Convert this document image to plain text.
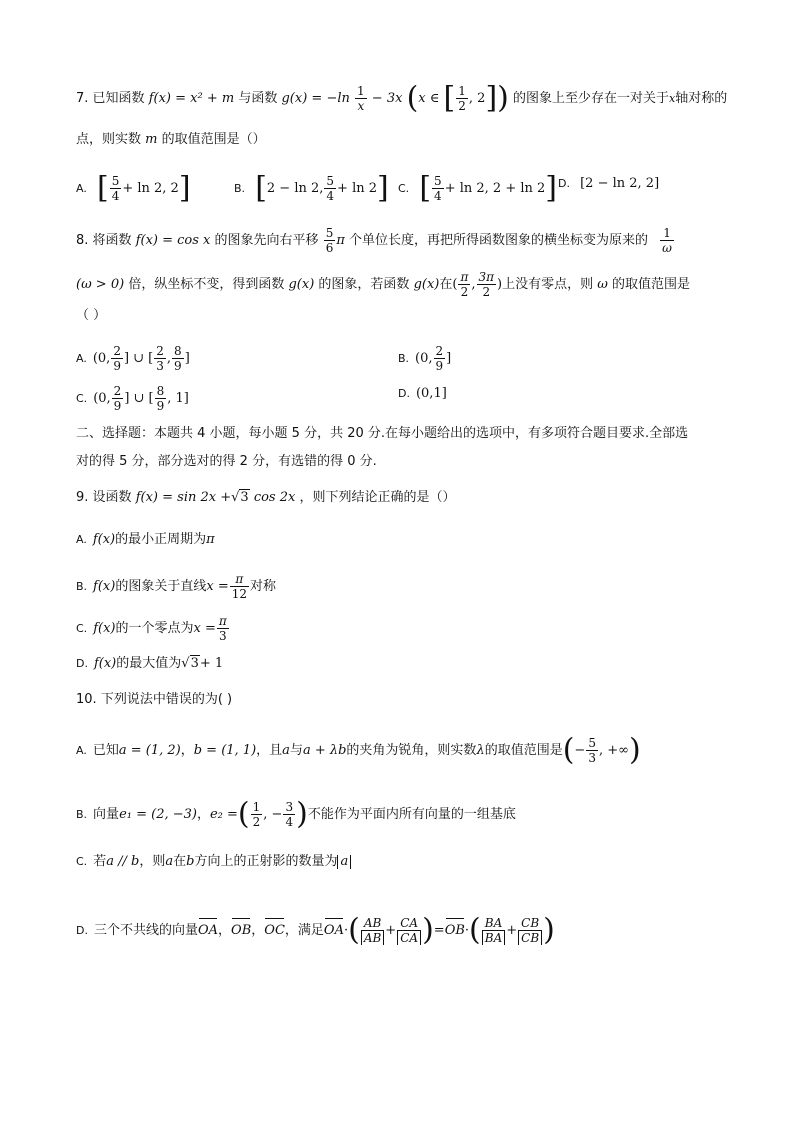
7. 已知函数 f(x) = x² + m 与函数 $g(x) = -\ln \frac{1}{x} - 3x$ (x ∈ [ $\frac{1}{2}$ , 2]) 的图象上至少存在一对关于x轴对称的
点，则实数 m 的取值范围是（）
A. [ $\frac{5}{4} + \ln 2$, 2]	B. [2 − ln 2, $\frac{5}{4} + \ln 2$] C. [ $\frac{5}{4} + \ln 2$, 2 + ln 2] D. [2 − ln 2, 2]
8. 将函数 f(x) = cos x 的图象先向右平移 $\frac{5}{6}$ π 个单位长度，再把所得函数图象的横坐标变为原来的 $\frac{1}{\omega}$
(ω > 0) 倍，纵坐标不变，得到函数 g(x) 的图象，若函数 g(x)在( $\frac{\pi}{2}$ , $\frac{3\pi}{2}$ )上没有零点，则 ω 的取值范围是
（ ）
A. (0, $\frac{2}{9}$ ] ∪ [ $\frac{2}{3}$ , $\frac{8}{9}$ ]	B. (0, $\frac{2}{9}$ ]
C. (0, $\frac{2}{9}$ ] ∪ [ $\frac{8}{9}$ , 1]	D. (0,1]
二、选择题：本题共 4 小题，每小题 5 分，共 20 分.在每小题给出的选项中，有多项符合题目要求.全部选
对的得 5 分，部分选对的得 2 分，有选错的得 0 分.
9. 设函数 f(x) = sin 2x +√3 cos 2x ，则下列结论正确的是（）
A. f(x)的最小正周期为π
B. f(x)的图象关于直线$x = \frac{\pi}{12}$ 对称
C. f(x)的一个零点为$x = \frac{\pi}{3}$
D. f(x)的最大值为√3+ 1
10. 下列说法中错误的为( )
A. 已知a = (1, 2)，b = (1, 1)，且a与a + λb的夹角为锐角，则实数λ的取值范围是(− $\frac{5}{3}$ , +∞)
B. 向量e₁ = (2, −3)，e₂ =( $\frac{1}{2}$ , − $\frac{3}{4}$ )不能作为平面内所有向量的一组基底
C. 若a // b，则a在b方向上的正射影的数量为 a
D. 三个不共线的向量OA，OB，OC，满足$OA\cdot( \frac{AB}{AB} + \frac{CA}{CA} )=OB\cdot( \frac{BA}{BA} + \frac{CB}{CB}$ )
